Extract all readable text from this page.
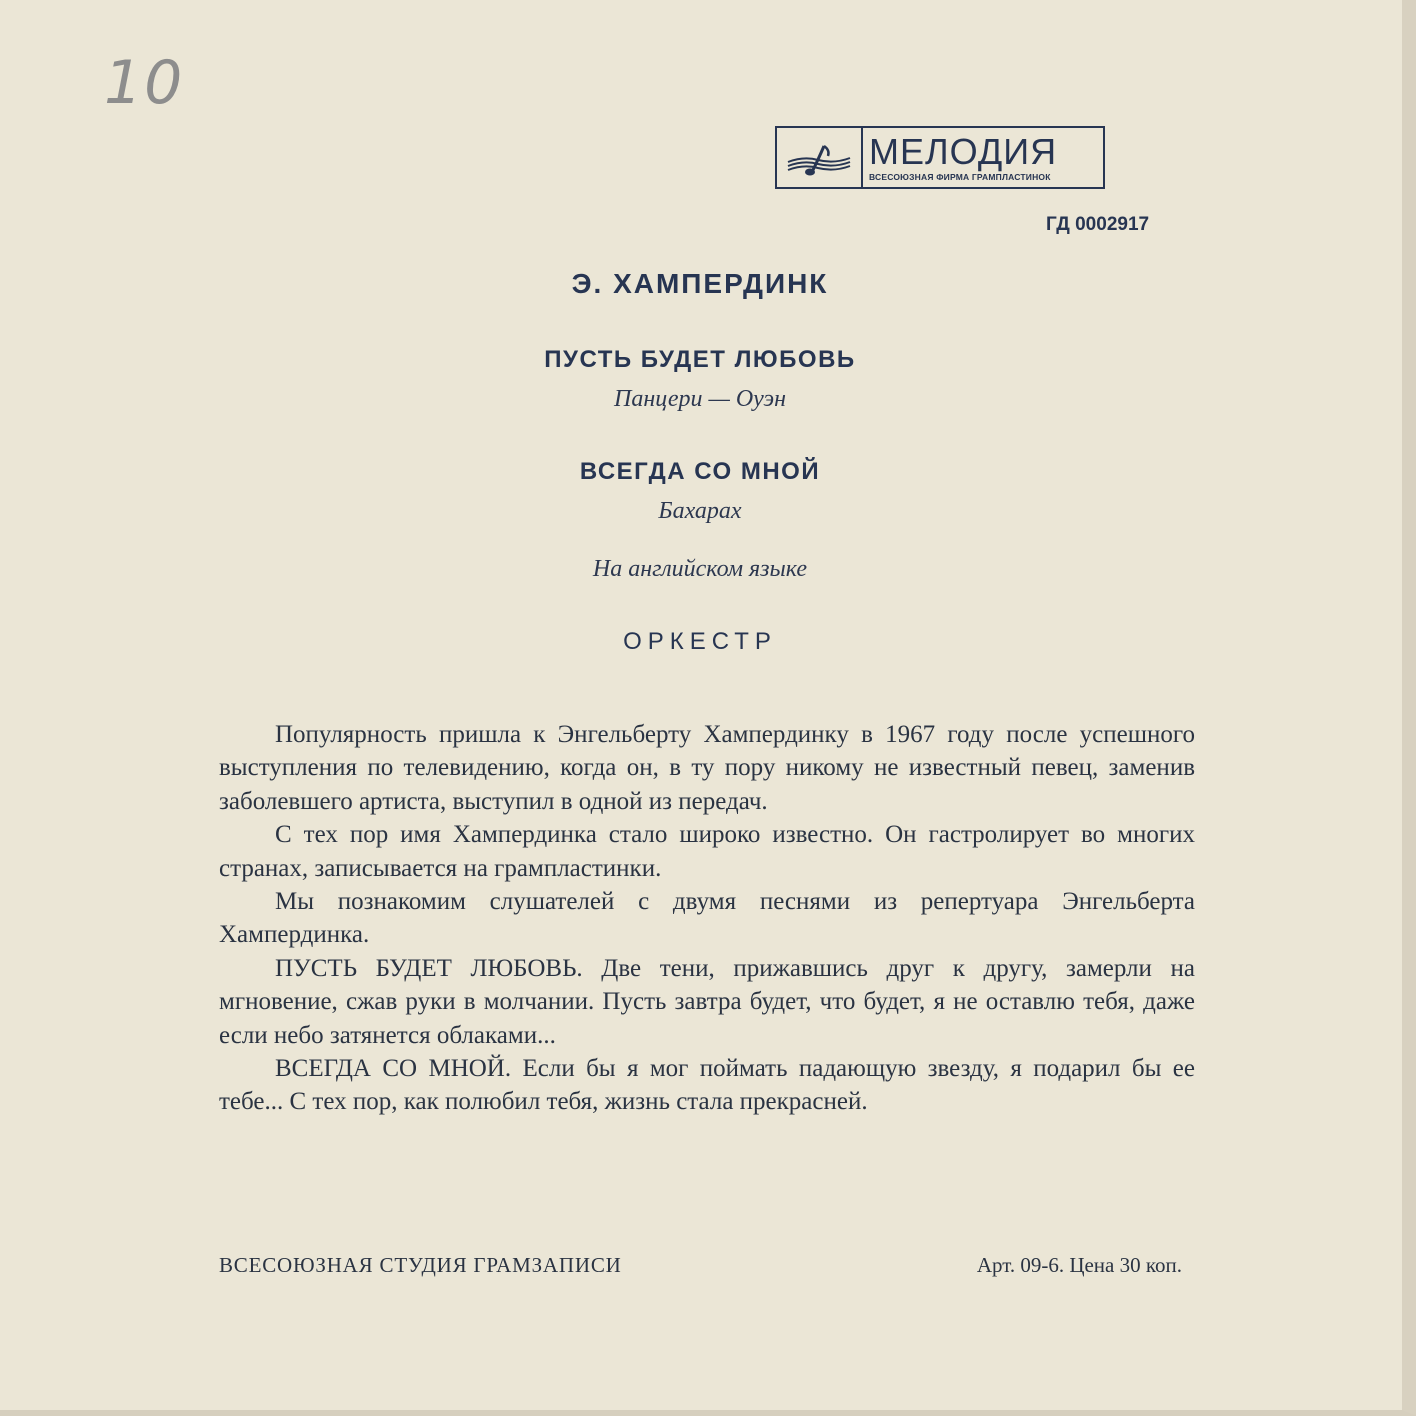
10
МЕЛОДИЯ
ВСЕСОЮЗНАЯ ФИРМА ГРАМПЛАСТИНОК
ГД 0002917
Э. ХАМПЕРДИНК
ПУСТЬ БУДЕТ ЛЮБОВЬ
Панцери — Оуэн
ВСЕГДА СО МНОЙ
Бахарах
На английском языке
ОРКЕСТР

Популярность пришла к Энгельберту Хампердинку в 1967 году после успешного выступления по телевидению, когда он, в ту пору никому не известный певец, заменив заболевшего артиста, выступил в одной из передач.

С тех пор имя Хампердинка стало широко известно. Он гастролирует во многих странах, записывается на грампластинки.

Мы познакомим слушателей с двумя песнями из репертуара Энгельберта Хампердинка.

ПУСТЬ БУДЕТ ЛЮБОВЬ. Две тени, прижавшись друг к другу, замерли на мгновение, сжав руки в молчании. Пусть завтра будет, что будет, я не оставлю тебя, даже если небо затянется облаками...

ВСЕГДА СО МНОЙ. Если бы я мог поймать падающую звезду, я подарил бы ее тебе... С тех пор, как полюбил тебя, жизнь стала прекрасней.

ВСЕСОЮЗНАЯ СТУДИЯ ГРАМЗАПИСИ	Арт. 09-6. Цена 30 коп.
